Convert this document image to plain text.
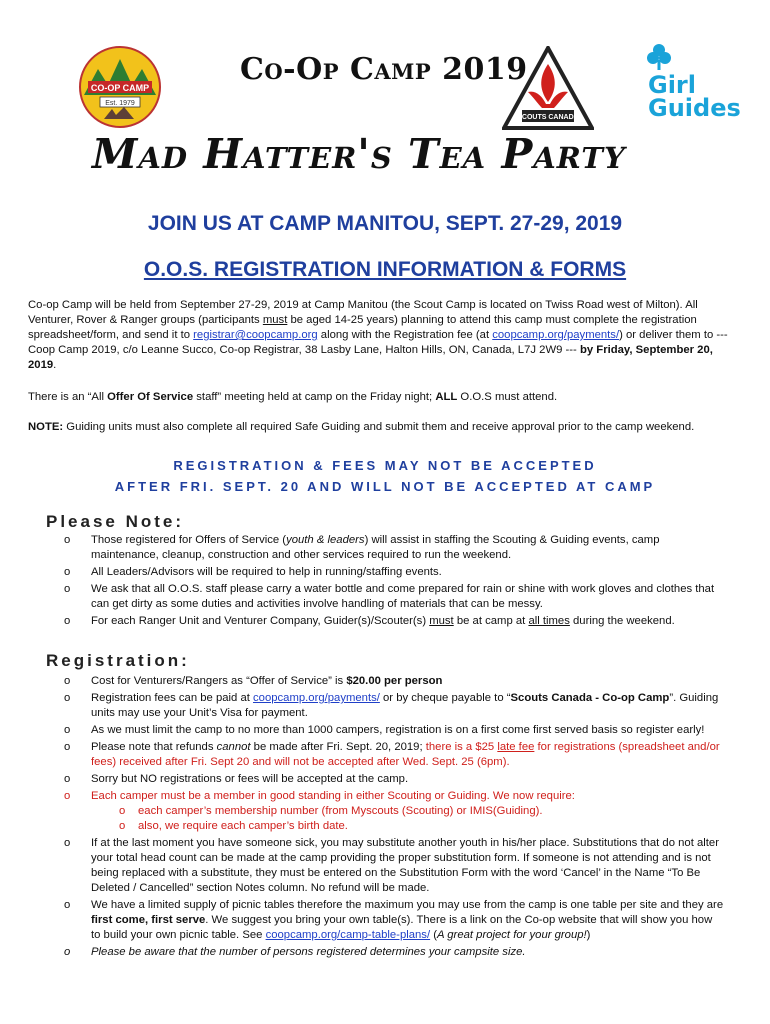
CO-OP CAMP
Est. 1979
Co-Op Camp 2019
SCOUTS CANADA
Girl
Guides
Mad Hatter's Tea Party
JOIN US AT CAMP MANITOU, SEPT. 27-29, 2019
O.O.S. REGISTRATION INFORMATION & FORMS
Co-op Camp will be held from September 27-29, 2019 at Camp Manitou (the Scout Camp is located on Twiss Road west of Milton). All Venturer, Rover & Ranger groups (participants must be aged 14-25 years) planning to attend this camp must complete the registration spreadsheet/form, and send it to registrar@coopcamp.org along with the Registration fee (at coopcamp.org/payments/) or deliver them to --- Coop Camp 2019, c/o Leanne Succo, Co-op Registrar, 38 Lasby Lane, Halton Hills, ON, Canada, L7J 2W9 --- by Friday, September 20, 2019.
There is an “All Offer Of Service staff” meeting held at camp on the Friday night; ALL O.O.S must attend.
NOTE: Guiding units must also complete all required Safe Guiding and submit them and receive approval prior to the camp weekend.
REGISTRATION & FEES MAY NOT BE ACCEPTED
AFTER FRI. SEPT. 20 AND WILL NOT BE ACCEPTED AT CAMP
Please Note:
o Those registered for Offers of Service (youth & leaders) will assist in staffing the Scouting & Guiding events, camp maintenance, cleanup, construction and other services required to run the weekend.
o All Leaders/Advisors will be required to help in running/staffing events.
o We ask that all O.O.S. staff please carry a water bottle and come prepared for rain or shine with work gloves and clothes that can get dirty as some duties and activities involve handling of materials that can be messy.
o For each Ranger Unit and Venturer Company, Guider(s)/Scouter(s) must be at camp at all times during the weekend.
Registration:
o Cost for Venturers/Rangers as “Offer of Service” is $20.00 per person
o Registration fees can be paid at coopcamp.org/payments/ or by cheque payable to “Scouts Canada - Co-op Camp”. Guiding units may use your Unit’s Visa for payment.
o As we must limit the camp to no more than 1000 campers, registration is on a first come first served basis so register early!
o Please note that refunds cannot be made after Fri. Sept. 20, 2019; there is a $25 late fee for registrations (spreadsheet and/or fees) received after Fri. Sept 20 and will not be accepted after Wed. Sept. 25 (6pm).
o Sorry but NO registrations or fees will be accepted at the camp.
o Each camper must be a member in good standing in either Scouting or Guiding. We now require:
o each camper’s membership number (from Myscouts (Scouting) or IMIS(Guiding).
o also, we require each camper’s birth date.
o If at the last moment you have someone sick, you may substitute another youth in his/her place. Substitutions that do not alter your total head count can be made at the camp providing the proper substitution form. If someone is not attending and is not being replaced with a substitute, they must be entered on the Substitution Form with the word ‘Cancel’ in the Name “To Be Deleted / Cancelled” section Notes column. No refund will be made.
o We have a limited supply of picnic tables therefore the maximum you may use from the camp is one table per site and they are first come, first serve. We suggest you bring your own table(s). There is a link on the Co-op website that will show you how to build your own picnic table. See coopcamp.org/camp-table-plans/ (A great project for your group!)
o Please be aware that the number of persons registered determines your campsite size.
